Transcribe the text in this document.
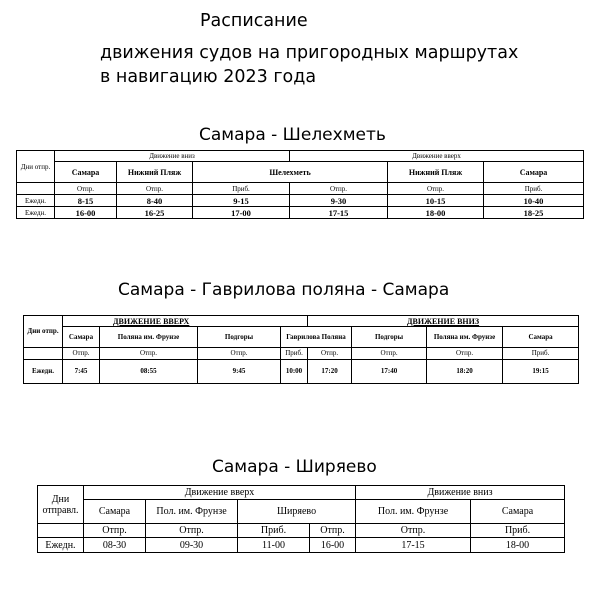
Расписание
движения судов на пригородных маршрутах
в навигацию 2023 года
Самара - Шелехметь
Дни отпр.	Движение вниз			Движение вверх		
	Самара	Нижний Пляж	Шелехметь		Нижний Пляж	Самара
	Отпр.	Отпр.	Приб.	Отпр.	Отпр.	Приб.
Ежедн.	8-15	8-40	9-15	9-30	10-15	10-40
Ежедн.	16-00	16-25	17-00	17-15	18-00	18-25
Самара - Гаврилова поляна - Самара
Дни отпр.	ДВИЖЕНИЕ ВВЕРХ				ДВИЖЕНИЕ ВНИЗ			
	Самара	Поляна им. Фрунзе	Подгоры	Гаврилова Поляна		Подгоры	Поляна им. Фрунзе	Самара
	Отпр.	Отпр.	Отпр.	Приб.	Отпр.	Отпр.	Отпр.	Приб.
Ежедн.	7:45	08:55	9:45	10:00	17:20	17:40	18:20	19:15
Самара - Ширяево
Дни отправл.	Движение вверх				Движение вниз	
	Самара	Пол. им. Фрунзе	Ширяево		Пол. им. Фрунзе	Самара
	Отпр.	Отпр.	Приб.	Отпр.	Отпр.	Приб.
Ежедн.	08-30	09-30	11-00	16-00	17-15	18-00
